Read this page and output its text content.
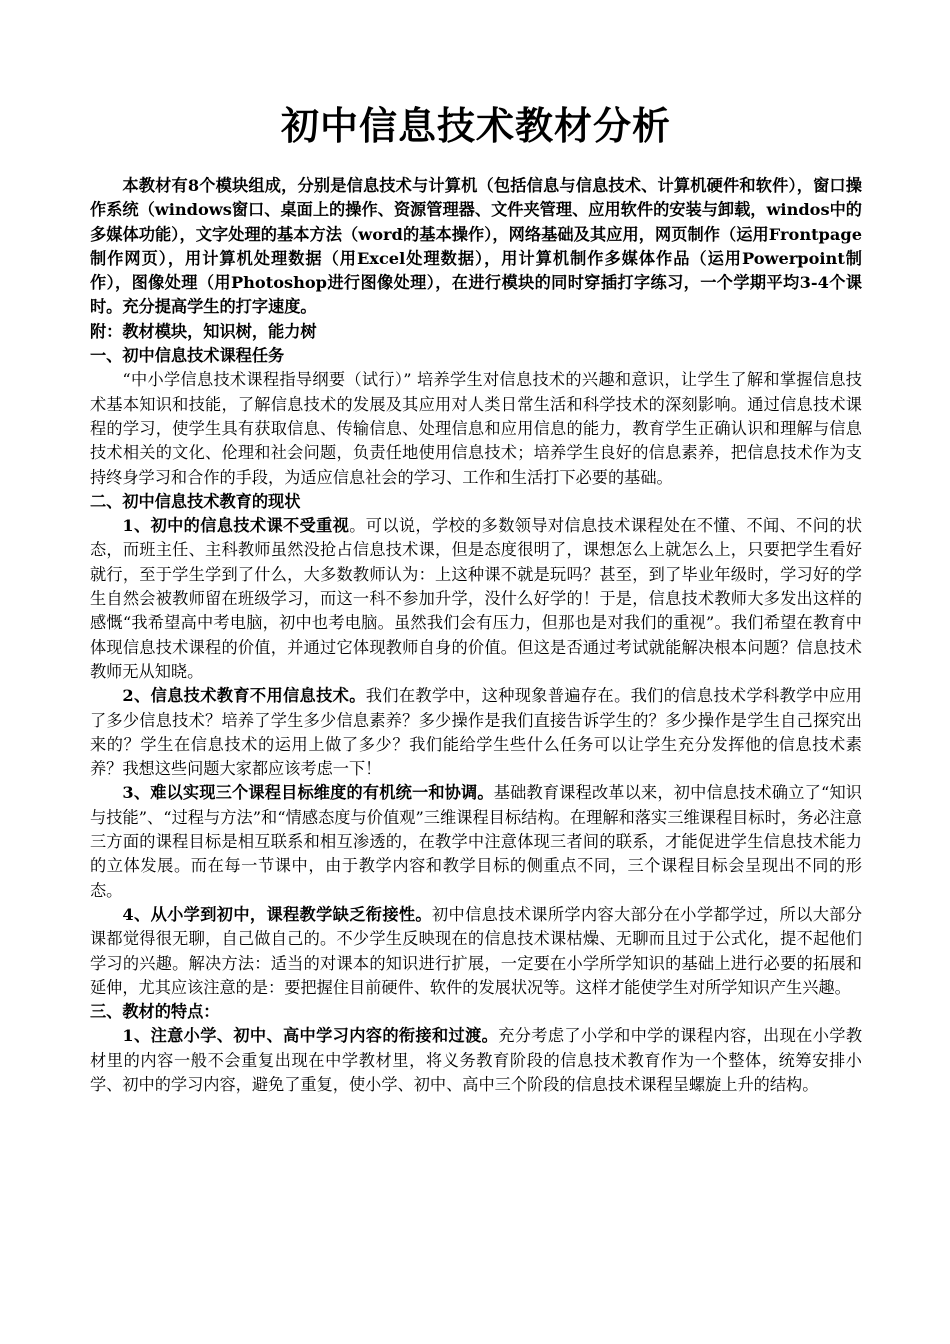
初中信息技术教材分析

本教材有8个模块组成，分别是信息技术与计算机（包括信息与信息技术、计算机硬件和软件），窗口操作系统（windows窗口、桌面上的操作、资源管理器、文件夹管理、应用软件的安装与卸载，windos中的多媒体功能），文字处理的基本方法（word的基本操作），网络基础及其应用，网页制作（运用Frontpage制作网页），用计算机处理数据（用Excel处理数据），用计算机制作多媒体作品（运用Powerpoint制作），图像处理（用Photoshop进行图像处理），在进行模块的同时穿插打字练习，一个学期平均3-4个课时。充分提高学生的打字速度。

附：教材模块，知识树，能力树

一、初中信息技术课程任务

“中小学信息技术课程指导纲要（试行）” 培养学生对信息技术的兴趣和意识，让学生了解和掌握信息技术基本知识和技能，了解信息技术的发展及其应用对人类日常生活和科学技术的深刻影响。通过信息技术课程的学习，使学生具有获取信息、传输信息、处理信息和应用信息的能力，教育学生正确认识和理解与信息技术相关的文化、伦理和社会问题，负责任地使用信息技术；培养学生良好的信息素养，把信息技术作为支持终身学习和合作的手段，为适应信息社会的学习、工作和生活打下必要的基础。

二、初中信息技术教育的现状

1、初中的信息技术课不受重视。可以说，学校的多数领导对信息技术课程处在不懂、不闻、不问的状态，而班主任、主科教师虽然没抢占信息技术课，但是态度很明了，课想怎么上就怎么上，只要把学生看好就行，至于学生学到了什么，大多数教师认为：上这种课不就是玩吗？甚至，到了毕业年级时，学习好的学生自然会被教师留在班级学习，而这一科不参加升学，没什么好学的！于是，信息技术教师大多发出这样的感慨“我希望高中考电脑，初中也考电脑。虽然我们会有压力，但那也是对我们的重视”。我们希望在教育中体现信息技术课程的价值，并通过它体现教师自身的价值。但这是否通过考试就能解决根本问题？信息技术教师无从知晓。

2、信息技术教育不用信息技术。我们在教学中，这种现象普遍存在。我们的信息技术学科教学中应用了多少信息技术？培养了学生多少信息素养？多少操作是我们直接告诉学生的？多少操作是学生自己探究出来的？学生在信息技术的运用上做了多少？我们能给学生些什么任务可以让学生充分发挥他的信息技术素养？我想这些问题大家都应该考虑一下！

3、难以实现三个课程目标维度的有机统一和协调。基础教育课程改革以来，初中信息技术确立了“知识与技能”、“过程与方法”和“情感态度与价值观”三维课程目标结构。在理解和落实三维课程目标时，务必注意三方面的课程目标是相互联系和相互渗透的，在教学中注意体现三者间的联系，才能促进学生信息技术能力的立体发展。而在每一节课中，由于教学内容和教学目标的侧重点不同，三个课程目标会呈现出不同的形态。

4、从小学到初中，课程教学缺乏衔接性。初中信息技术课所学内容大部分在小学都学过，所以大部分课都觉得很无聊，自己做自己的。不少学生反映现在的信息技术课枯燥、无聊而且过于公式化，提不起他们学习的兴趣。解决方法：适当的对课本的知识进行扩展，一定要在小学所学知识的基础上进行必要的拓展和延伸，尤其应该注意的是：要把握住目前硬件、软件的发展状况等。这样才能使学生对所学知识产生兴趣。

三、教材的特点：

1、注意小学、初中、高中学习内容的衔接和过渡。充分考虑了小学和中学的课程内容，出现在小学教材里的内容一般不会重复出现在中学教材里，将义务教育阶段的信息技术教育作为一个整体，统筹安排小学、初中的学习内容，避免了重复，使小学、初中、高中三个阶段的信息技术课程呈螺旋上升的结构。
